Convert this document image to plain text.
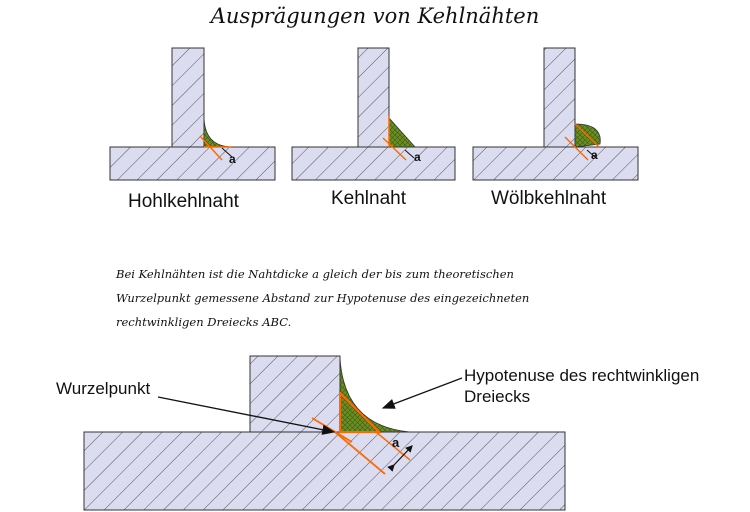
Ausprägungen von Kehlnähten
a	a	a
a
Hohlkehlnaht	Kehlnaht	Wölbkehlnaht
Bei Kehlnähten ist die Nahtdicke a gleich der bis zum theoretischen
Wurzelpunkt gemessene Abstand zur Hypotenuse des eingezeichneten
rechtwinkligen Dreiecks ABC.
Wurzelpunkt
Hypotenuse des rechtwinkligen
Dreiecks
